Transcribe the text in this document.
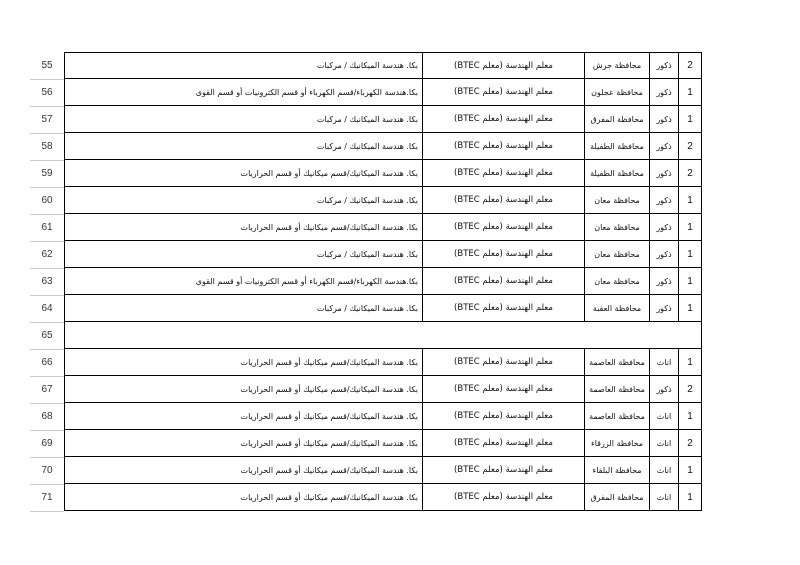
55	بكا. هندسة الميكانيك / مركبات	معلم الهندسة (معلم BTEC)	محافظة جرش	ذكور	2
56	بكا.هندسة الكهرباء/قسم الكهرباء أو قسم الكترونيات أو قسم القوى	معلم الهندسة (معلم BTEC)	محافظة عجلون	ذكور	1
57	بكا. هندسة الميكانيك / مركبات	معلم الهندسة (معلم BTEC)	محافظة المفرق	ذكور	1
58	بكا. هندسة الميكانيك / مركبات	معلم الهندسة (معلم BTEC)	محافظة الطفيلة	ذكور	2
59	بكا. هندسة الميكانيك/قسم ميكانيك أو قسم الحراريات	معلم الهندسة (معلم BTEC)	محافظة الطفيلة	ذكور	2
60	بكا. هندسة الميكانيك / مركبات	معلم الهندسة (معلم BTEC)	محافظة معان	ذكور	1
61	بكا. هندسة الميكانيك/قسم ميكانيك أو قسم الحراريات	معلم الهندسة (معلم BTEC)	محافظة معان	ذكور	1
62	بكا. هندسة الميكانيك / مركبات	معلم الهندسة (معلم BTEC)	محافظة معان	ذكور	1
63	بكا.هندسة الكهرباء/قسم الكهرباء أو قسم الكترونيات أو قسم القوى	معلم الهندسة (معلم BTEC)	محافظة معان	ذكور	1
64	بكا. هندسة الميكانيك / مركبات	معلم الهندسة (معلم BTEC)	محافظة العقبة	ذكور	1
65
66	بكا. هندسة الميكانيك/قسم ميكانيك أو قسم الحراريات	معلم الهندسة (معلم BTEC)	محافظة العاصمة	اناث	1
67	بكا. هندسة الميكانيك/قسم ميكانيك أو قسم الحراريات	معلم الهندسة (معلم BTEC)	محافظة العاصمة	ذكور	2
68	بكا. هندسة الميكانيك/قسم ميكانيك أو قسم الحراريات	معلم الهندسة (معلم BTEC)	محافظة العاصمة	اناث	1
69	بكا. هندسة الميكانيك/قسم ميكانيك أو قسم الحراريات	معلم الهندسة (معلم BTEC)	محافظة الزرقاء	اناث	2
70	بكا. هندسة الميكانيك/قسم ميكانيك أو قسم الحراريات	معلم الهندسة (معلم BTEC)	محافظة البلقاء	اناث	1
71	بكا. هندسة الميكانيك/قسم ميكانيك أو قسم الحراريات	معلم الهندسة (معلم BTEC)	محافظة المفرق	اناث	1
